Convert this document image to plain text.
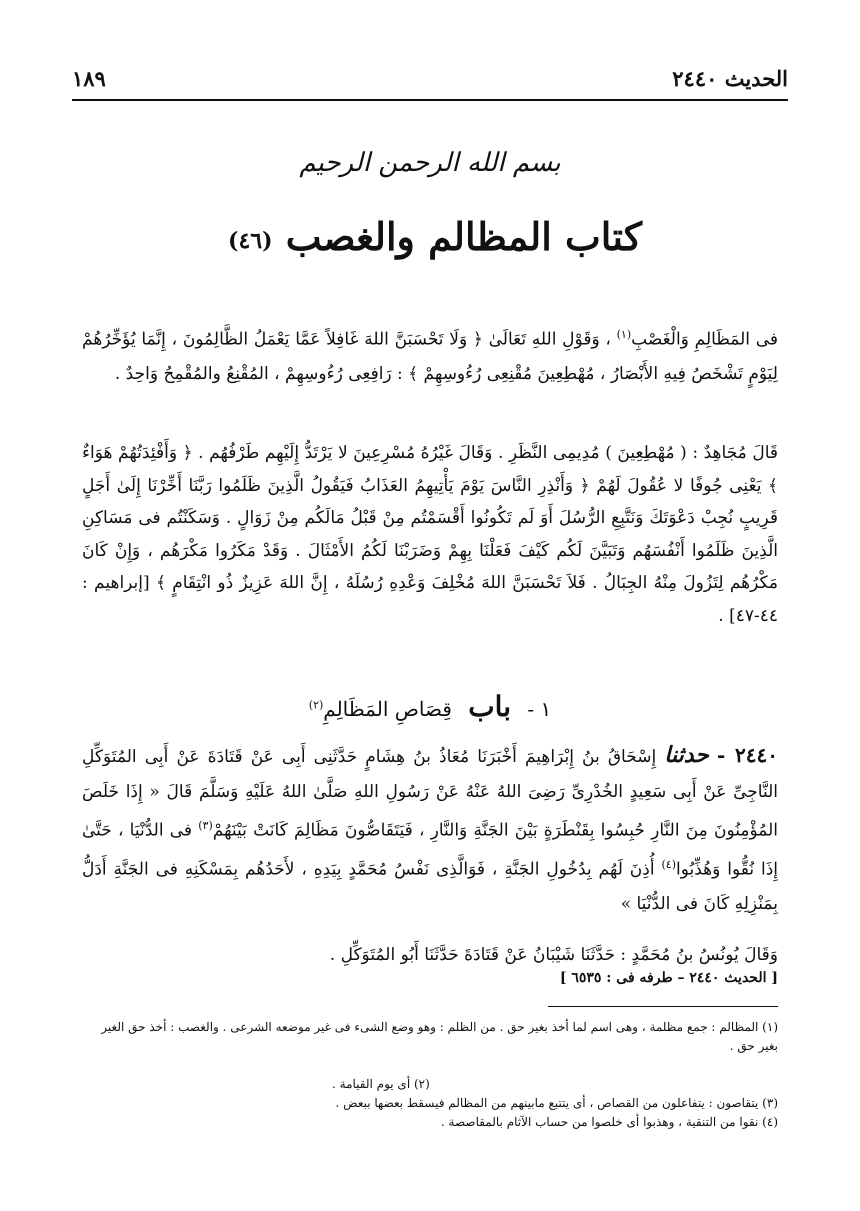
١٨٩	الحديث ٢٤٤٠
بسم الله الرحمن الرحيم
كتاب المظالم والغصب (٤٦)
فى المَظَالِمِ وَالْغَصْبِ$^{(١)}$ ، وَقَوْلِ اللهِ تَعَالَىٰ ﴿ وَلَا تَحْسَبَنَّ اللهَ غَافِلاً عَمَّا يَعْمَلُ الظَّالِمُونَ ، إِنَّمَا يُؤَخِّرُهُمْ لِيَوْمٍ تَشْخَصُ فِيهِ الأَبْصَارُ ، مُهْطِعِينَ مُقْنِعِى رُءُوسِهِمْ ﴾ : رَافِعِى رُءُوسِهِمْ ، المُقْنِعُ والمُقْمِحُ وَاحِدٌ .
قَالَ مُجَاهِدٌ : ( مُهْطِعِينَ ) مُدِيمِى النَّظَرِ . وَقَالَ غَيْرُهُ مُسْرِعِينَ لا يَرْتَدُّ إِلَيْهِم طَرْفُهُم . ﴿ وَأَفْئِدَتُهُمْ هَوَاءٌ ﴾ يَعْنِى جُوفًا لا عُقُولَ لَهُمْ ﴿ وَأَنْذِرِ النَّاسَ يَوْمَ يَأْتِيهِمُ العَذَابُ فَيَقُولُ الَّذِينَ ظَلَمُوا رَبَّنَا أَخِّرْنَا إِلَىٰ أَجَلٍ قَرِيبٍ نُجِبْ دَعْوَتَكَ وَنَتَّبِعِ الرُّسُلَ أَوَ لَم تَكُونُوا أَقْسَمْتُم مِنْ قَبْلُ مَالَكُم مِنْ زَوَالٍ . وَسَكَنْتُم فى مَسَاكِنِ الَّذِينَ ظَلَمُوا أَنْفُسَهُم وَتَبَيَّنَ لَكُم كَيْفَ فَعَلْنَا بِهِمْ وَضَرَبْنَا لَكُمُ الأَمْثَالَ . وَقَدْ مَكَرُوا مَكْرَهُم ، وَإِنْ كَانَ مَكْرُهُم لِتَزُولَ مِنْهُ الجِبَالُ . فَلاَ تَحْسَبَنَّ اللهَ مُخْلِفَ وَعْدِهِ رُسُلَهُ ، إِنَّ اللهَ عَزِيزٌ ذُو انْتِقَامٍ ﴾ [إبراهيم : ٤٤-٤٧] .
١ - باب قِصَاصِ المَظَالِمِ$^{(٢)}$
٢٤٤٠ - حدثنا إِسْحَاقُ بنُ إِبْرَاهِيمَ أَخْبَرَنَا مُعَاذُ بنُ هِشَامٍ حَدَّثَنِى أَبِى عَنْ قَتَادَةَ عَنْ أَبِى المُتَوَكِّلِ النَّاجِىِّ عَنْ أَبِى سَعِيدٍ الخُدْرِىِّ رَضِىَ اللهُ عَنْهُ عَنْ رَسُولِ اللهِ صَلَّىٰ اللهُ عَلَيْهِ وَسَلَّمَ قَالَ « إِذَا خَلَصَ المُؤْمِنُونَ مِنَ النَّارِ حُبِسُوا بِقَنْطَرَةٍ بَيْنَ الجَنَّةِ وَالنَّارِ ، فَيَتَقَاصُّونَ مَظَالِمَ كَانَتْ بَيْنَهُمْ$^{(٣)}$ فى الدُّنْيَا ، حَتَّىٰ إِذَا نُقُّوا وَهُذِّبُوا$^{(٤)}$ أُذِنَ لَهُم بِدُخُولِ الجَنَّةِ ، فَوَالَّذِى نَفْسُ مُحَمَّدٍ بِيَدِهِ ، لأَحَدُهُم بِمَسْكَنِهِ فى الجَنَّةِ أَدَلُّ بِمَنْزِلِهِ كَانَ فى الدُّنْيَا »
وَقَالَ يُونُسُ بنُ مُحَمَّدٍ : حَدَّثَنَا شَيْبَانُ عَنْ قَتَادَةَ حَدَّثَنَا أَبُو المُتَوَكِّلِ .
[ الحديث ٢٤٤٠ – طرفه فى : ٦٥٣٥ ]
(١) المظالم : جمع مظلمة ، وهى اسم لما أخذ بغير حق . من الظلم : وهو وضع الشىء فى غير موضعه الشرعى . والغصب : أخذ حق الغير بغير حق .
(٢) أى يوم القيامة .
(٣) يتقاصون : يتفاعلون من القصاص ، أى يتتبع مابينهم من المظالم فيسقط بعضها ببعض .
(٤) نقوا من التنقية ، وهذبوا أى خلصوا من حساب الآثام بالمقاصصة .
